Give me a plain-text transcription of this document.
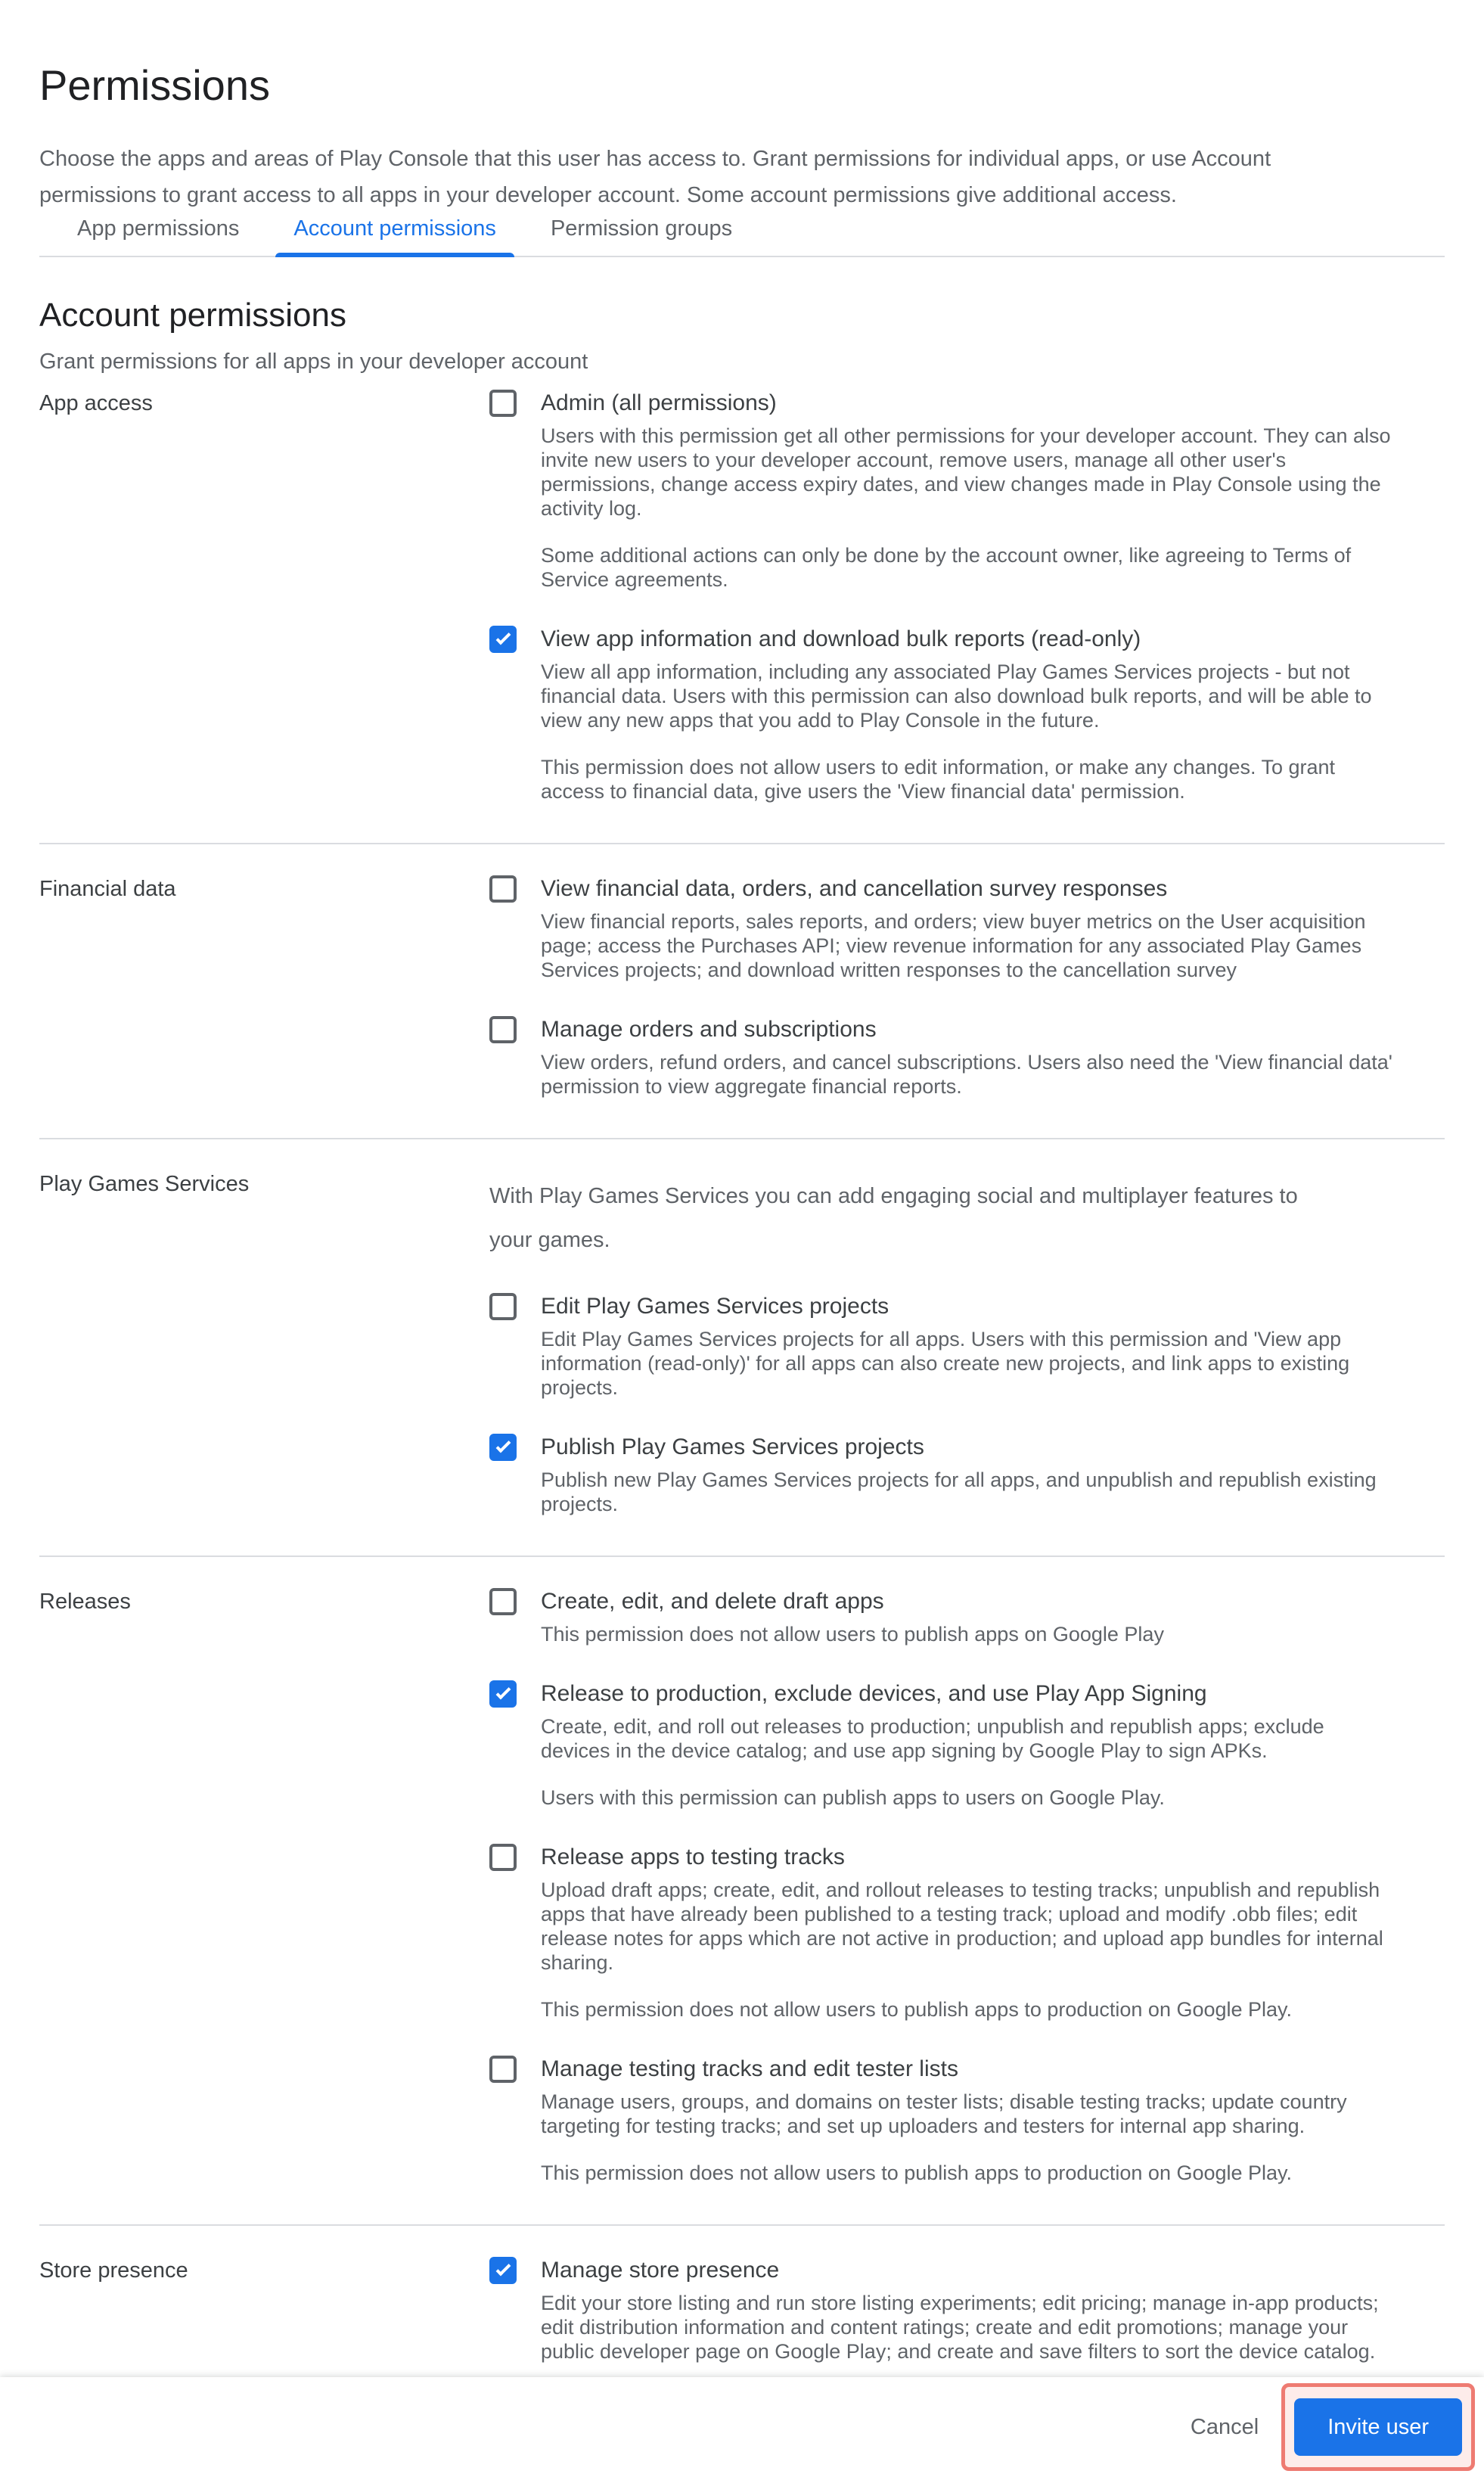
Permissions

Choose the apps and areas of Play Console that this user has access to. Grant permissions for individual apps, or use Account permissions to grant access to all apps in your developer account. Some account permissions give additional access.

App permissions	Account permissions	Permission groups
Account permissions

Grant permissions for all apps in your developer account

App access	Admin (all permissions)

Users with this permission get all other permissions for your developer account. They can also invite new users to your developer account, remove users, manage all other user's permissions, change access expiry dates, and view changes made in Play Console using the activity log.

Some additional actions can only be done by the account owner, like agreeing to Terms of Service agreements.

View app information and download bulk reports (read-only)

View all app information, including any associated Play Games Services projects - but not financial data. Users with this permission can also download bulk reports, and will be able to view any new apps that you add to Play Console in the future.

This permission does not allow users to edit information, or make any changes. To grant access to financial data, give users the 'View financial data' permission.

Financial data	View financial data, orders, and cancellation survey responses

View financial reports, sales reports, and orders; view buyer metrics on the User acquisition page; access the Purchases API; view revenue information for any associated Play Games Services projects; and download written responses to the cancellation survey

Manage orders and subscriptions

View orders, refund orders, and cancel subscriptions. Users also need the 'View financial data' permission to view aggregate financial reports.

Play Games Services	With Play Games Services you can add engaging social and multiplayer features to your games.

Edit Play Games Services projects

Edit Play Games Services projects for all apps. Users with this permission and 'View app information (read-only)' for all apps can also create new projects, and link apps to existing projects.

Publish Play Games Services projects

Publish new Play Games Services projects for all apps, and unpublish and republish existing projects.

Releases	Create, edit, and delete draft apps

This permission does not allow users to publish apps on Google Play

Release to production, exclude devices, and use Play App Signing

Create, edit, and roll out releases to production; unpublish and republish apps; exclude devices in the device catalog; and use app signing by Google Play to sign APKs.

Users with this permission can publish apps to users on Google Play.

Release apps to testing tracks

Upload draft apps; create, edit, and rollout releases to testing tracks; unpublish and republish apps that have already been published to a testing track; upload and modify .obb files; edit release notes for apps which are not active in production; and upload app bundles for internal sharing.

This permission does not allow users to publish apps to production on Google Play.

Manage testing tracks and edit tester lists

Manage users, groups, and domains on tester lists; disable testing tracks; update country targeting for testing tracks; and set up uploaders and testers for internal app sharing.

This permission does not allow users to publish apps to production on Google Play.

Store presence	Manage store presence

Edit your store listing and run store listing experiments; edit pricing; manage in-app products; edit distribution information and content ratings; create and edit promotions; manage your public developer page on Google Play; and create and save filters to sort the device catalog.

Cancel	Invite user
